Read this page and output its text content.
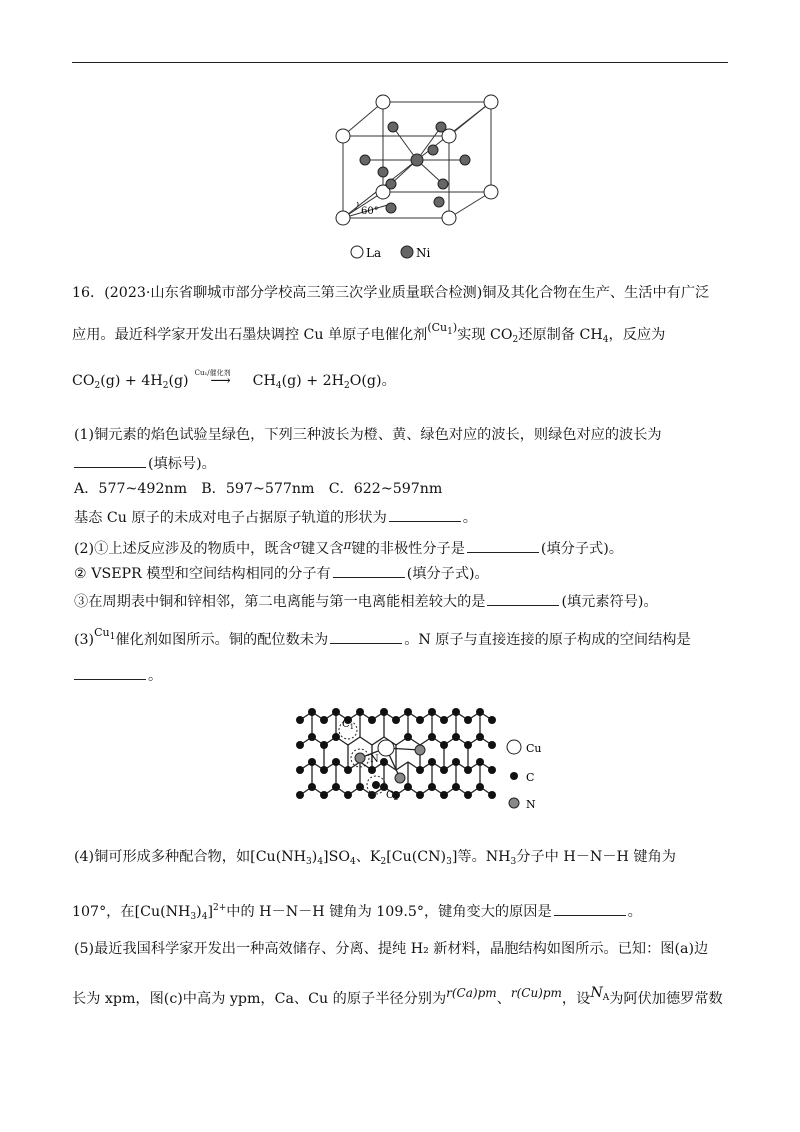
60°
La	Ni
16．(2023·山东省聊城市部分学校高三第三次学业质量联合检测)铜及其化合物在生产、生活中有广泛
应用。最近科学家开发出石墨炔调控 Cu 单原子电催化剂$^{(Cu_1)}$实现 $CO_2$还原制备 $CH_4$，反应为
$CO_2(g) + 4H_2(g)$ Cu₁/催化剂
⟶ $CH_4(g) + 2H_2O(g)$。
(1)铜元素的焰色试验呈绿色，下列三种波长为橙、黄、绿色对应的波长，则绿色对应的波长为
(填标号)。
A．577~492nm　B．597~577nm　C．622~597nm
基态 Cu 原子的未成对电子占据原子轨道的形状为	。
(2)①上述反应涉及的物质中，既含$^\sigma$键又含$^\pi$键的非极性分子是	(填分子式)。
② VSEPR 模型和空间结构相同的分子有	(填分子式)。
③在周期表中铜和锌相邻，第二电离能与第一电离能相差较大的是	(填元素符号)。
$(3)^{Cu_1}$催化剂如图所示。铜的配位数未为	。N 原子与直接连接的原子构成的空间结构是
。
$C_1$
N
$C_2$
Cu
C
N
(4)铜可形成多种配合物，如$[Cu(NH_3)_4]SO_4$、$K_2[Cu(CN)_3]$等。$NH_3$分子中 H－N－H 键角为
107°，在$[Cu(NH_3)_4]^{2+}$中的 H－N－H 键角为 109.5°，键角变大的原因是	。
(5)最近我国科学家开发出一种高效储存、分离、提纯 H₂ 新材料，晶胞结构如图所示。已知：图(a)边
长为 xpm，图(c)中高为 ypm，Ca、Cu 的原子半径分别为$^{r(Ca)pm}$、$^{r(Cu)pm}$，设$N_A$为阿伏加德罗常数
